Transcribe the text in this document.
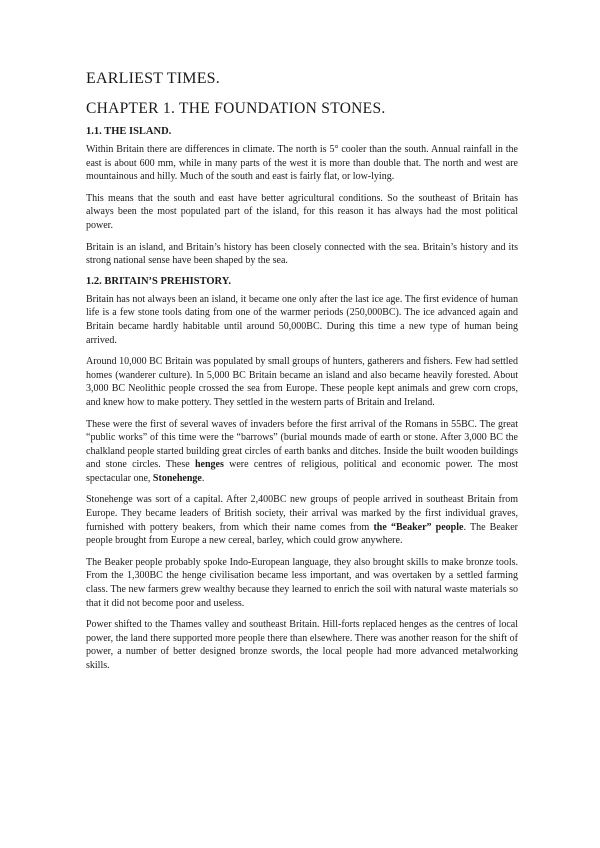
EARLIEST TIMES.
CHAPTER 1. THE FOUNDATION STONES.
1.1. THE ISLAND.

Within Britain there are differences in climate. The north is 5° cooler than the south. Annual rainfall in the east is about 600 mm, while in many parts of the west it is more than double that. The north and west are mountainous and hilly. Much of the south and east is fairly flat, or low-lying.

This means that the south and east have better agricultural conditions. So the southeast of Britain has always been the most populated part of the island, for this reason it has always had the most political power.

Britain is an island, and Britain’s history has been closely connected with the sea. Britain’s history and its strong national sense have been shaped by the sea.

1.2. BRITAIN’S PREHISTORY.

Britain has not always been an island, it became one only after the last ice age. The first evidence of human life is a few stone tools dating from one of the warmer periods (250,000BC). The ice advanced again and Britain became hardly habitable until around 50,000BC. During this time a new type of human being arrived.

Around 10,000 BC Britain was populated by small groups of hunters, gatherers and fishers. Few had settled homes (wanderer culture). In 5,000 BC Britain became an island and also became heavily forested. About 3,000 BC Neolithic people crossed the sea from Europe. These people kept animals and grew corn crops, and knew how to make pottery. They settled in the western parts of Britain and Ireland.

These were the first of several waves of invaders before the first arrival of the Romans in 55BC. The great “public works” of this time were the “barrows” (burial mounds made of earth or stone. After 3,000 BC the chalkland people started building great circles of earth banks and ditches. Inside the built wooden buildings and stone circles. These henges were centres of religious, political and economic power. The most spectacular one, Stonehenge.

Stonehenge was sort of a capital. After 2,400BC new groups of people arrived in southeast Britain from Europe. They became leaders of British society, their arrival was marked by the first individual graves, furnished with pottery beakers, from which their name comes from the “Beaker” people. The Beaker people brought from Europe a new cereal, barley, which could grow anywhere.

The Beaker people probably spoke Indo-European language, they also brought skills to make bronze tools. From the 1,300BC the henge civilisation became less important, and was overtaken by a settled farming class. The new farmers grew wealthy because they learned to enrich the soil with natural waste materials so that it did not become poor and useless.

Power shifted to the Thames valley and southeast Britain. Hill-forts replaced henges as the centres of local power, the land there supported more people there than elsewhere. There was another reason for the shift of power, a number of better designed bronze swords, the local people had more advanced metalworking skills.
